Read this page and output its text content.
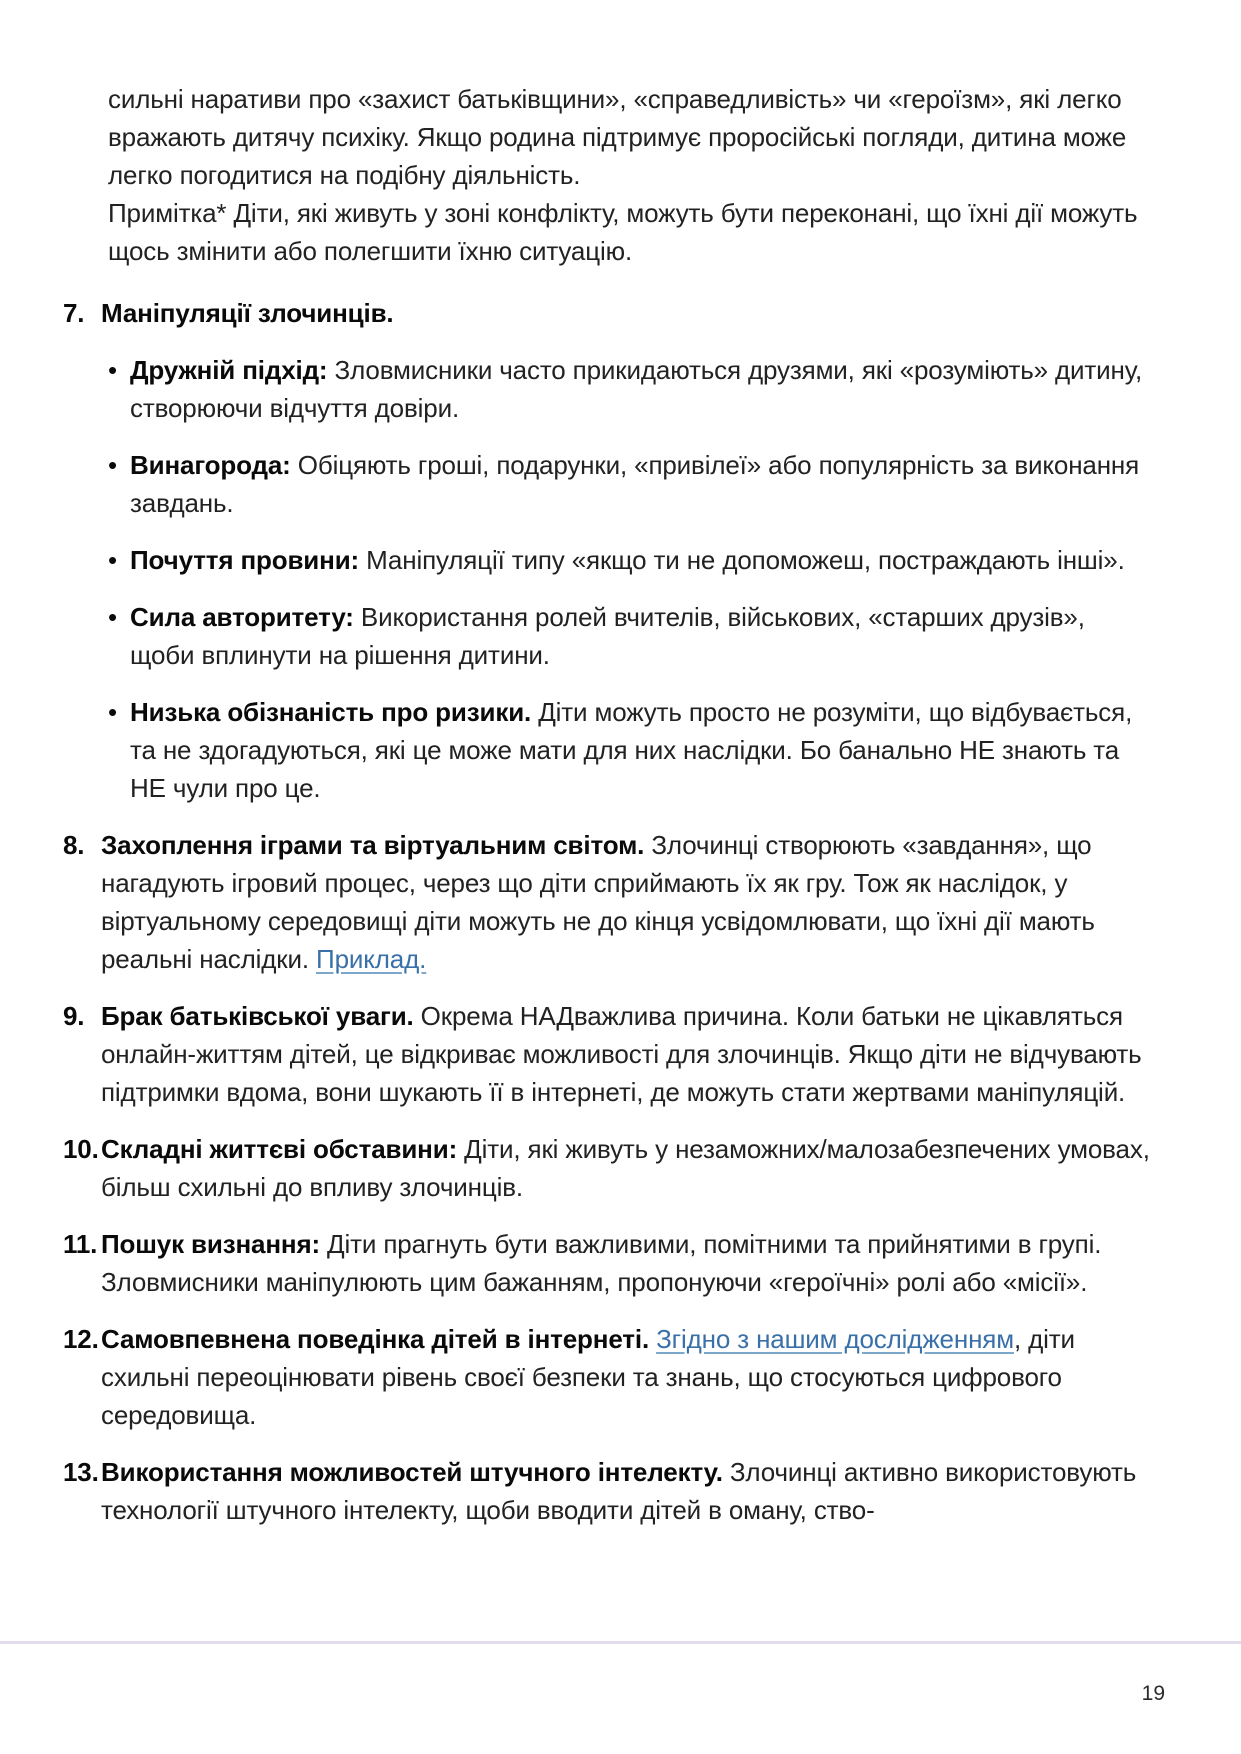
сильні наративи про «захист батьківщини», «справедливість» чи «героїзм», які легко вражають дитячу психіку. Якщо родина підтримує проросійські погляди, дитина може легко погодитися на подібну діяльність.

Примітка* Діти, які живуть у зоні конфлікту, можуть бути переконані, що їхні дії можуть щось змінити або полегшити їхню ситуацію.

7. Маніпуляції злочинців.
• Дружній підхід: Зловмисники часто прикидаються друзями, які «розуміють» дитину, створюючи відчуття довіри.
• Винагорода: Обіцяють гроші, подарунки, «привілеї» або популярність за виконання завдань.
• Почуття провини: Маніпуляції типу «якщо ти не допоможеш, постраждають інші».
• Сила авторитету: Використання ролей вчителів, військових, «старших друзів», щоби вплинути на рішення дитини.
• Низька обізнаність про ризики. Діти можуть просто не розуміти, що відбувається, та не здогадуються, які це може мати для них наслідки. Бо банально НЕ знають та НЕ чули про це.
8. Захоплення іграми та віртуальним світом. Злочинці створюють «завдання», що нагадують ігровий процес, через що діти сприймають їх як гру. Тож як наслідок, у віртуальному середовищі діти можуть не до кінця усвідомлювати, що їхні дії мають реальні наслідки. Приклад.
9. Брак батьківської уваги. Окрема НАДважлива причина. Коли батьки не цікавляться онлайн-життям дітей, це відкриває можливості для злочинців. Якщо діти не відчувають підтримки вдома, вони шукають її в інтернеті, де можуть стати жертвами маніпуляцій.
10. Складні життєві обставини: Діти, які живуть у незаможних/малозабезпечених умовах, більш схильні до впливу злочинців.
11. Пошук визнання: Діти прагнуть бути важливими, помітними та прийнятими в групі. Зловмисники маніпулюють цим бажанням, пропонуючи «героїчні» ролі або «місії».
12. Самовпевнена поведінка дітей в інтернеті. Згідно з нашим дослідженням, діти схильні переоцінювати рівень своєї безпеки та знань, що стосуються цифрового середовища.
13. Використання можливостей штучного інтелекту. Злочинці активно використовують технології штучного інтелекту, щоби вводити дітей в оману, ство-
19
